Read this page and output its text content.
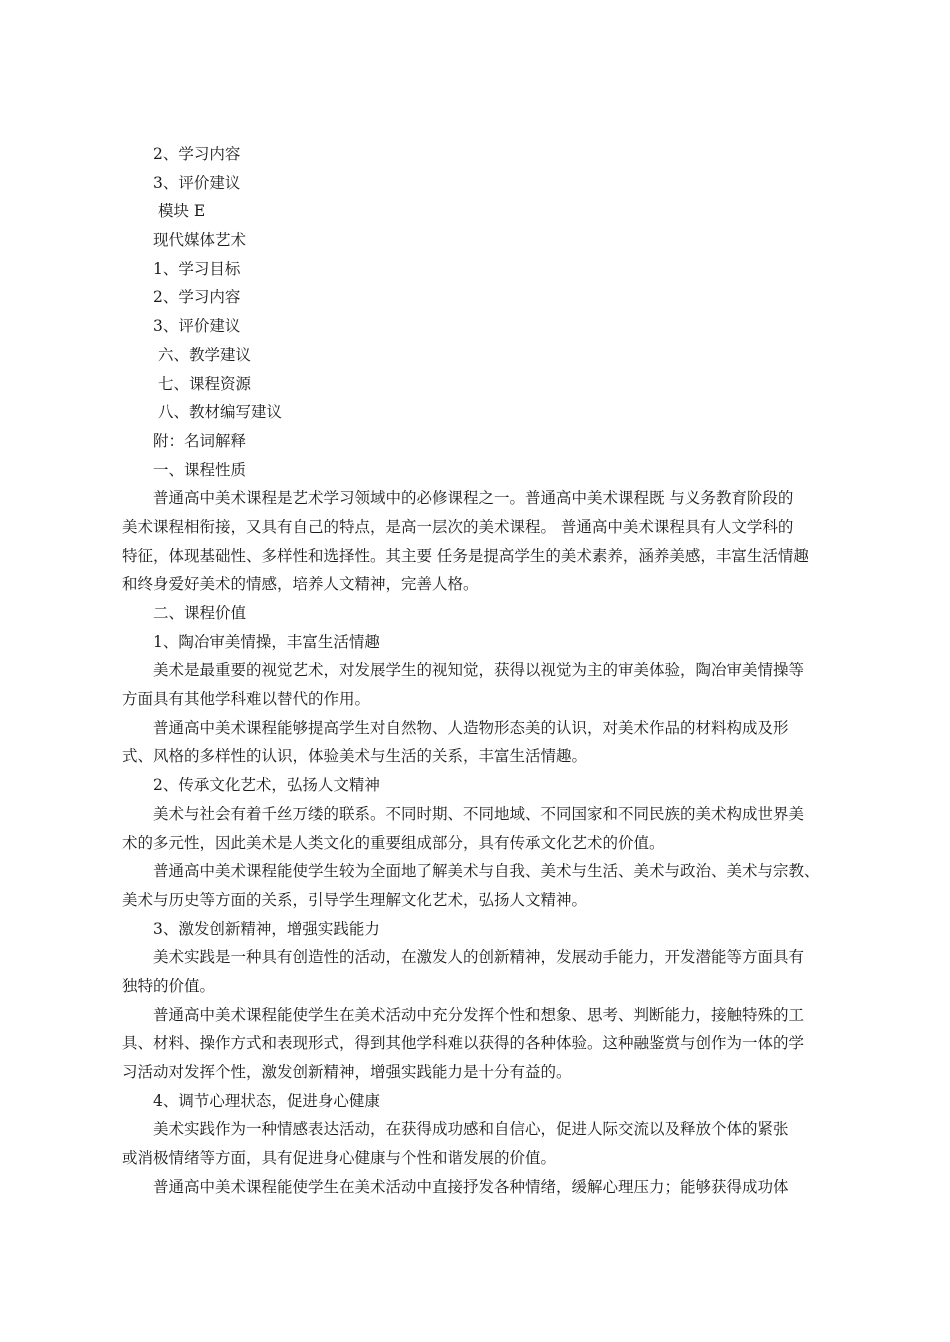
2、学习内容
3、评价建议
模块 E
现代媒体艺术
1、学习目标
2、学习内容
3、评价建议
六、教学建议
七、课程资源
八、教材编写建议
附：名词解释
一、课程性质
普通高中美术课程是艺术学习领域中的必修课程之一。普通高中美术课程既 与义务教育阶段的
美术课程相衔接，又具有自己的特点，是高一层次的美术课程。 普通高中美术课程具有人文学科的
特征，体现基础性、多样性和选择性。其主要 任务是提高学生的美术素养，涵养美感，丰富生活情趣
和终身爱好美术的情感，培养人文精神，完善人格。
二、课程价值
1、陶冶审美情操，丰富生活情趣
美术是最重要的视觉艺术，对发展学生的视知觉，获得以视觉为主的审美体验，陶冶审美情操等
方面具有其他学科难以替代的作用。
普通高中美术课程能够提高学生对自然物、人造物形态美的认识，对美术作品的材料构成及形
式、风格的多样性的认识，体验美术与生活的关系，丰富生活情趣。
2、传承文化艺术，弘扬人文精神
美术与社会有着千丝万缕的联系。不同时期、不同地域、不同国家和不同民族的美术构成世界美
术的多元性，因此美术是人类文化的重要组成部分，具有传承文化艺术的价值。
普通高中美术课程能使学生较为全面地了解美术与自我、美术与生活、美术与政治、美术与宗教、
美术与历史等方面的关系，引导学生理解文化艺术，弘扬人文精神。
3、激发创新精神，增强实践能力
美术实践是一种具有创造性的活动，在激发人的创新精神，发展动手能力，开发潜能等方面具有
独特的价值。
普通高中美术课程能使学生在美术活动中充分发挥个性和想象、思考、判断能力，接触特殊的工
具、材料、操作方式和表现形式，得到其他学科难以获得的各种体验。这种融鉴赏与创作为一体的学
习活动对发挥个性，激发创新精神，增强实践能力是十分有益的。
4、调节心理状态，促进身心健康
美术实践作为一种情感表达活动，在获得成功感和自信心，促进人际交流以及释放个体的紧张
或消极情绪等方面，具有促进身心健康与个性和谐发展的价值。
普通高中美术课程能使学生在美术活动中直接抒发各种情绪，缓解心理压力；能够获得成功体
